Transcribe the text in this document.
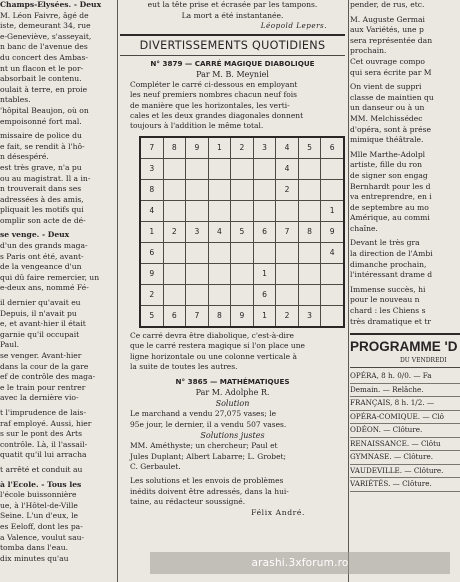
Champs-Elysées. - Deux
M. Léon Faivre, âgé de
iste, demeurant 34, rue
e-Geneviève, s'asseyait,
n banc de l'avenue des
du concert des Ambas-
nt un flacon et le por-
absorbait le contenu.
oulait à terre, en proie
ntables.
'hôpital Beaujon, où on
empoisonné fort mal.
missaire de police du
e fait, se rendit à l'hô-
n désespéré.
est très grave, n'a pu
ou au magistrat. Il a in-
n trouverait dans ses
adressées à des amis,
pliquait les motifs qui
omplir son acte de dé-
se venge. - Deux
d'un des grands maga-
s Paris ont été, avant-
de la vengeance d'un
qui dû faire remercier, un
e-deux ans, nommé Fé-
il dernier qu'avait eu
Depuis, il n'avait pu
e, et avant-hier il était
garnie qu'il occupait
Paul.
se venger. Avant-hier
dans la cour de la gare
ef de contrôle des maga-
e le train pour rentrer
avec la dernière vio-
t l'imprudence de lais-
raf employé. Aussi, hier
s sur le pont des Arts
contrôle. Là, il l'assail-
quatit qu'il lui arracha
t arrêté et conduit au
à l'Ecole. - Tous les
l'école buissonnière
ue, à l'Hôtel-de-Ville
Seine. L'un d'eux, le
es Eeloff, dont les pa-
a Valence, voulut sau-
tomba dans l'eau.
dix minutes qu'au
eut la tête prise et écrasée par les tampons.
La mort a été instantanée.
Léopold Lepers.
DIVERTISSEMENTS QUOTIDIENS
N° 3879 — CARRÉ MAGIQUE DIABOLIQUE
Par M. B. Meyniel
Compléter le carré ci-dessous en employant
les neuf premiers nombres chacun neuf fois
de manière que les horizontales, les verti-
cales et les deux grandes diagonales donnent
toujours à l'addition le même total.
7	8	9	1	2	3	4	5	6
3						4		
8						2		
4								1
1	2	3	4	5	6	7	8	9
6								4
9					1			
2					6			
5	6	7	8	9	1	2	3	
Ce carré devra être diabolique, c'est-à-dire
que le carré restera magique si l'on place une
ligne horizontale ou une colonne verticale à
la suite de toutes les autres.
N° 3865 — MATHÉMATIQUES
Par M. Adolphe R.
Solution
Le marchand a vendu 27,075 vases; le
95e jour, le dernier, il a vendu 507 vases.
Solutions justes
MM. Améthyste; un chercheur; Paul et
Jules Duplant; Albert Labarre; L. Grobet;
C. Gerbaulet.
Les solutions et les envois de problèmes
inédits doivent être adressés, dans la hui-
taine, au rédacteur soussigné.
Félix André.
pender, de rus, etc.
M. Auguste Germai
aux Variétés, une p
sera représentée dan
prochain.
Cet ouvrage compo
qui sera écrite par M
On vient de suppri
classe de maintien qu
un danseur ou à un
MM. Melchissédec
d'opéra, sont à prése
mimique théâtrale.
Mlle Marthe-Adolpl
artiste, fille du ron
de signer son engag
Bernhardt pour les d
va entreprendre, en i
de septembre au mo
Amérique, au commi
chaîne.
Devant le très gra
la direction de l'Ambi
dimanche prochain,
l'intéressant drame d
Immense succès, hi
pour le nouveau n
chard : les Chiens s
très dramatique et tr
PROGRAMME 'D
DU VENDREDI
OPÉRA, 8 h. 0/0. — Fa
Demain. — Relâche.
FRANÇAIS, 8 h. 1/2. —
OPÉRA-COMIQUE. — Clô
ODÉON. — Clôture.
RENAISSANCE. — Clôtu
GYMNASE. — Clôture.
VAUDEVILLE. — Clôture.
VARIÉTÉS. — Clôture.
arashi.3xforum.ro
